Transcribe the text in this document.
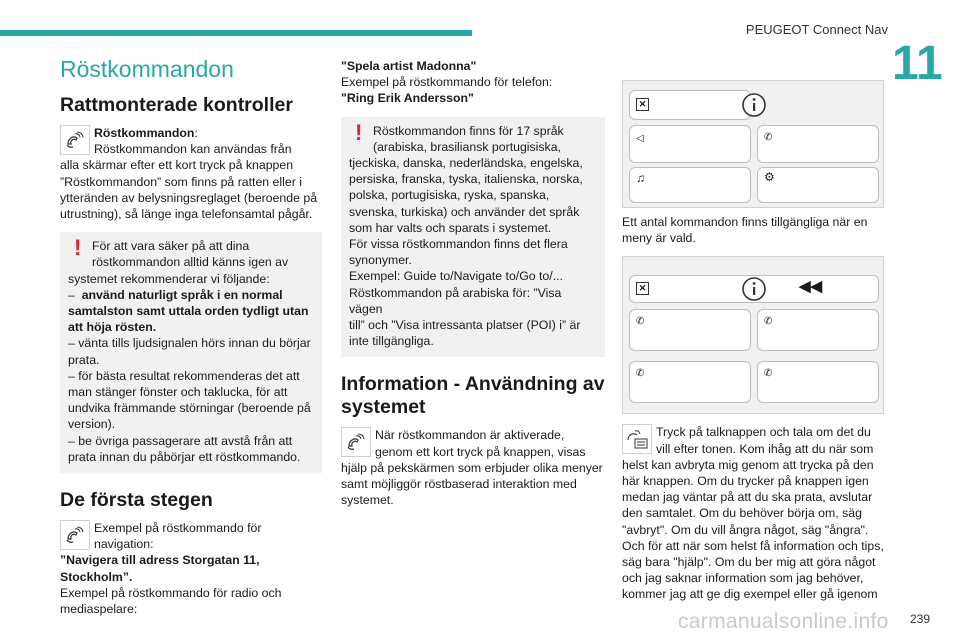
PEUGEOT Connect Nav
11
Röstkommandon
Rattmonterade kontroller
Röstkommandon:
Röstkommandon kan användas från
alla skärmar efter ett kort tryck på knappen
”Röstkommandon” som finns på ratten eller i
ytteränden av belysningsreglaget (beroende på
utrustning), så länge inga telefonsamtal pågår.
! För att vara säker på att dina
röstkommandon alltid känns igen av
systemet rekommenderar vi följande:
– använd naturligt språk i en normal
samtalston samt uttala orden tydligt utan
att höja rösten.
– vänta tills ljudsignalen hörs innan du börjar
prata.
– för bästa resultat rekommenderas det att
man stänger fönster och taklucka, för att
undvika främmande störningar (beroende på
version).
– be övriga passagerare att avstå från att
prata innan du påbörjar ett röstkommando.
De första stegen
Exempel på röstkommando för
navigation:
”Navigera till adress Storgatan 11,
Stockholm”.
Exempel på röstkommando för radio och
mediaspelare:
"Spela artist Madonna"
Exempel på röstkommando för telefon:
"Ring Erik Andersson"
! Röstkommandon finns för 17 språk
(arabiska, brasiliansk portugisiska,
tjeckiska, danska, nederländska, engelska,
persiska, franska, tyska, italienska, norska,
polska, portugisiska, ryska, spanska,
svenska, turkiska) och använder det språk
som har valts och sparats i systemet.
För vissa röstkommandon finns det flera
synonymer.
Exempel: Guide to/Navigate to/Go to/...
Röstkommandon på arabiska för: ”Visa vägen
till” och ”Visa intressanta platser (POI) i” är
inte tillgängliga.
Information - Användning av systemet
När röstkommandon är aktiverade,
genom ett kort tryck på knappen, visas
hjälp på pekskärmen som erbjuder olika menyer
samt möjliggör röstbaserad interaktion med
systemet.
✕
◁	✆
♫	⚙
Ett antal kommandon finns tillgängliga när en
meny är vald.
✕	◀◀
✆	✆
✆	✆
Tryck på talknappen och tala om det du
vill efter tonen. Kom ihåg att du när som
helst kan avbryta mig genom att trycka på den
här knappen. Om du trycker på knappen igen
medan jag väntar på att du ska prata, avslutar
den samtalet. Om du behöver börja om, säg
"avbryt". Om du vill ångra något, säg "ångra".
Och för att när som helst få information och tips,
säg bara "hjälp". Om du ber mig att göra något
och jag saknar information som jag behöver,
kommer jag att ge dig exempel eller gå igenom
carmanualsonline.info 239
